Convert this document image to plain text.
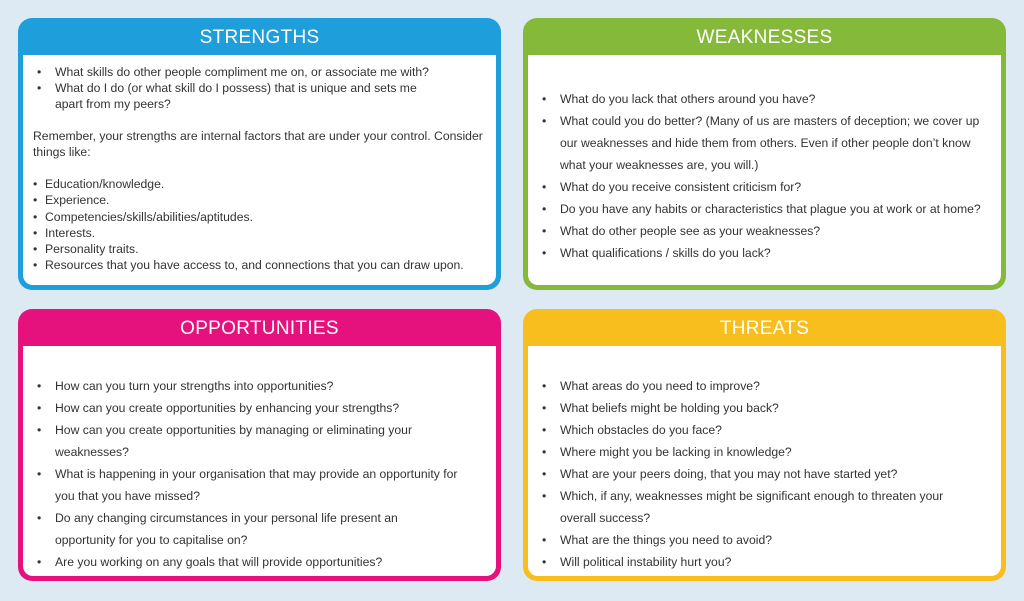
STRENGTHS
• What skills do other people compliment me on, or associate me with?
• What do I do (or what skill do I possess) that is unique and sets me apart from my peers?

Remember, your strengths are internal factors that are under your control. Consider things like:

• Education/knowledge.
• Experience.
• Competencies/skills/abilities/aptitudes.
• Interests.
• Personality traits.
• Resources that you have access to, and connections that you can draw upon.
WEAKNESSES
• What do you lack that others around you have?
• What could you do better? (Many of us are masters of deception; we cover up our weaknesses and hide them from others. Even if other people don’t know what your weaknesses are, you will.)
• What do you receive consistent criticism for?
• Do you have any habits or characteristics that plague you at work or at home?
• What do other people see as your weaknesses?
• What qualifications / skills do you lack?
OPPORTUNITIES
• How can you turn your strengths into opportunities?
• How can you create opportunities by enhancing your strengths?
• How can you create opportunities by managing or eliminating your weaknesses?
• What is happening in your organisation that may provide an opportunity for you that you have missed?
• Do any changing circumstances in your personal life present an opportunity for you to capitalise on?
• Are you working on any goals that will provide opportunities?
THREATS
• What areas do you need to improve?
• What beliefs might be holding you back?
• Which obstacles do you face?
• Where might you be lacking in knowledge?
• What are your peers doing, that you may not have started yet?
• Which, if any, weaknesses might be significant enough to threaten your overall success?
• What are the things you need to avoid?
• Will political instability hurt you?
